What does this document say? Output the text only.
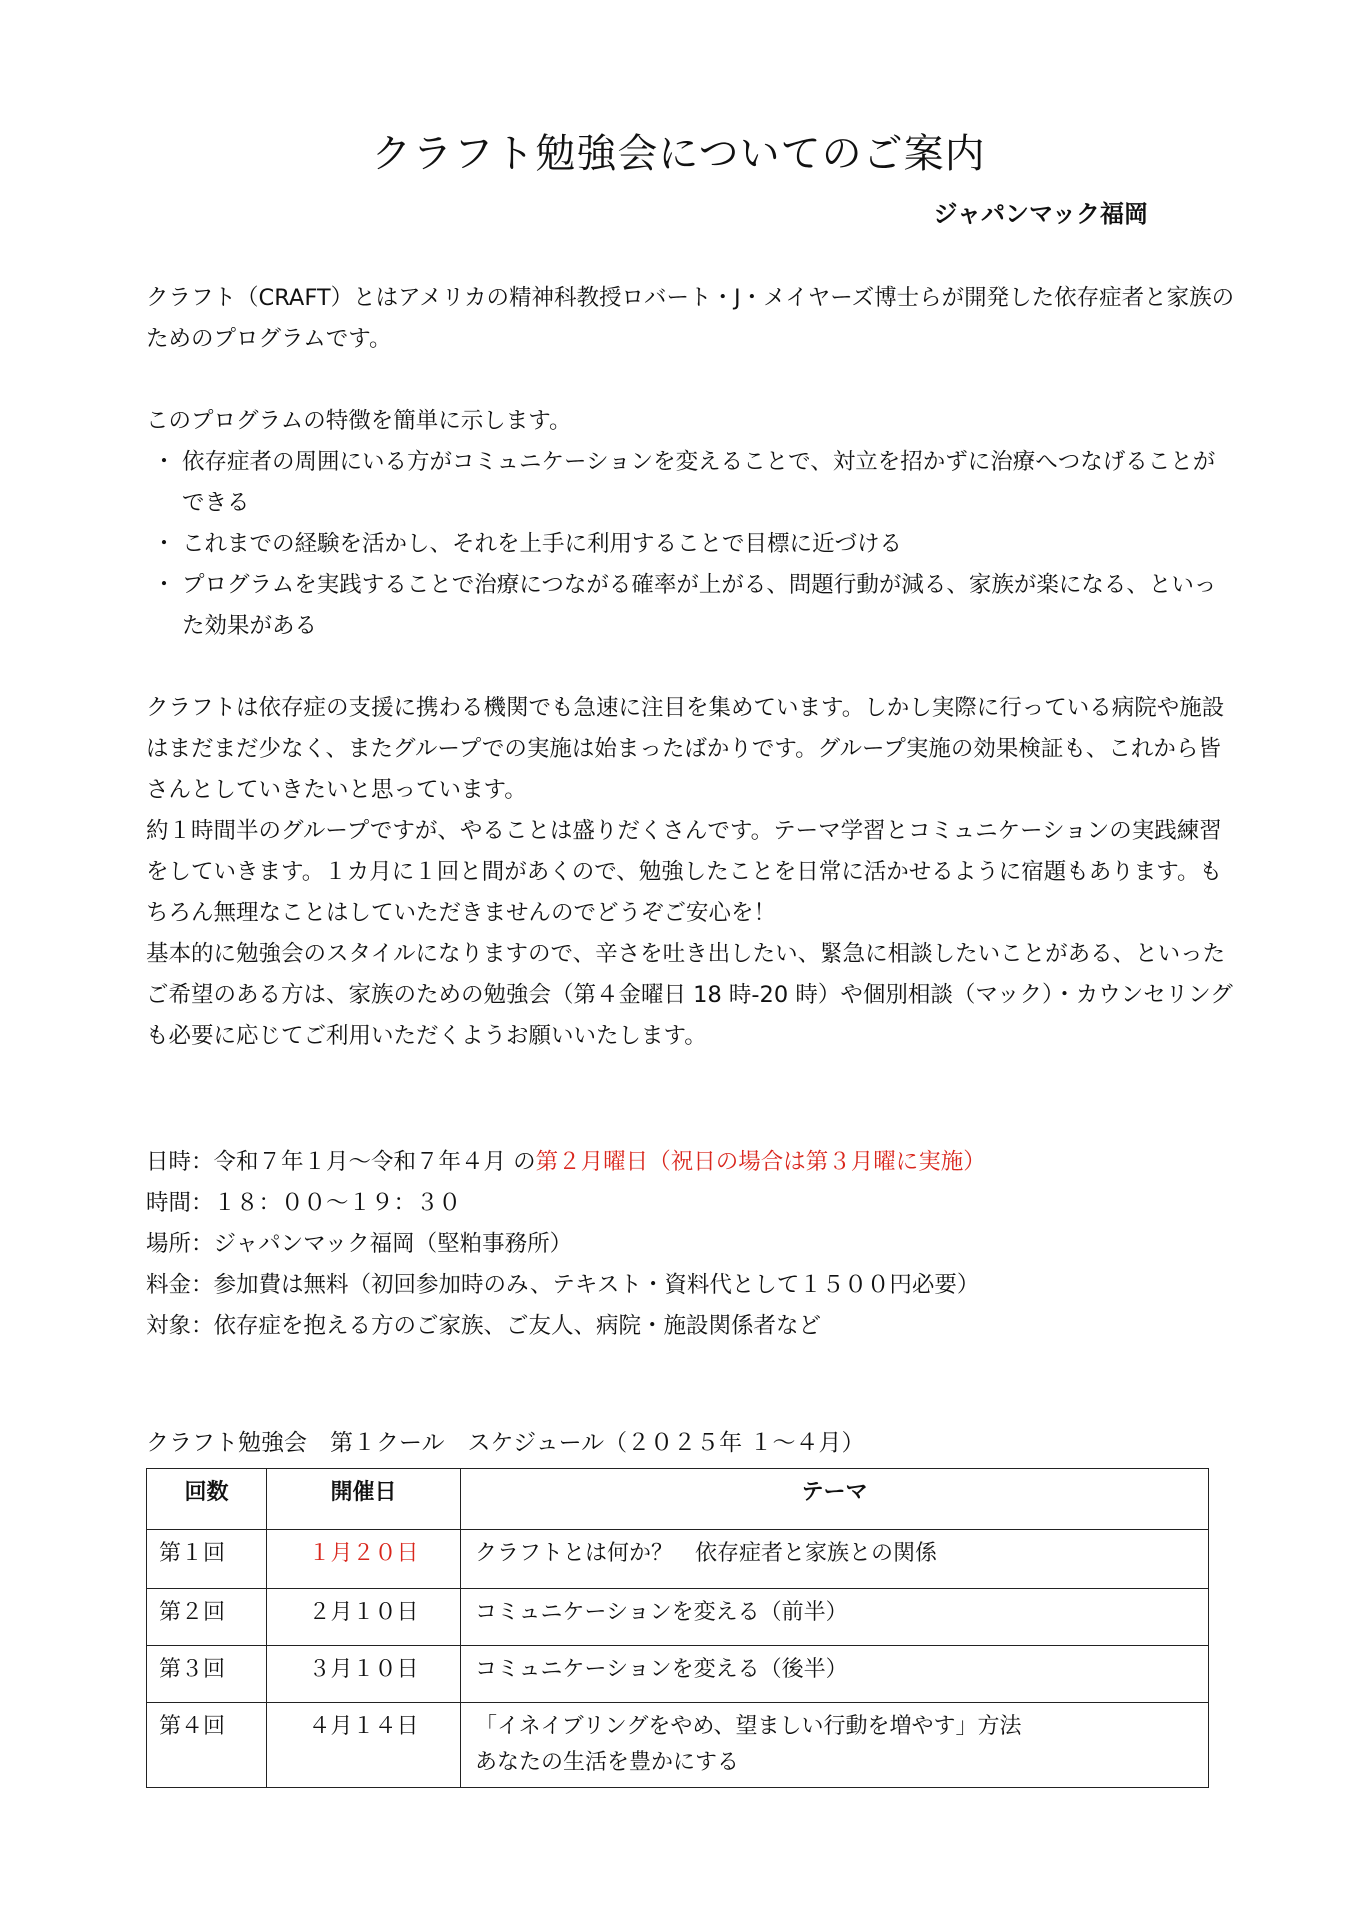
クラフト勉強会についてのご案内
ジャパンマック福岡

クラフト（CRAFT）とはアメリカの精神科教授ロバート・J・メイヤーズ博士らが開発した依存症者と家族のためのプログラムです。

このプログラムの特徴を簡単に示します。

・ 依存症者の周囲にいる方がコミュニケーションを変えることで、対立を招かずに治療へつなげることができる
・ これまでの経験を活かし、それを上手に利用することで目標に近づける
・ プログラムを実践することで治療につながる確率が上がる、問題行動が減る、家族が楽になる、といった効果がある

クラフトは依存症の支援に携わる機関でも急速に注目を集めています。しかし実際に行っている病院や施設はまだまだ少なく、またグループでの実施は始まったばかりです。グループ実施の効果検証も、これから皆さんとしていきたいと思っています。

約１時間半のグループですが、やることは盛りだくさんです。テーマ学習とコミュニケーションの実践練習をしていきます。１カ月に１回と間があくので、勉強したことを日常に活かせるように宿題もあります。もちろん無理なことはしていただきませんのでどうぞご安心を！

基本的に勉強会のスタイルになりますので、辛さを吐き出したい、緊急に相談したいことがある、といったご希望のある方は、家族のための勉強会（第４金曜日 18 時-20 時）や個別相談（マック）・カウンセリングも必要に応じてご利用いただくようお願いいたします。

日時：令和７年１月～令和７年４月 の第２月曜日（祝日の場合は第３月曜に実施）

時間：１８：００～１９：３０

場所：ジャパンマック福岡（堅粕事務所）

料金：参加費は無料（初回参加時のみ、テキスト・資料代として１５００円必要）

対象：依存症を抱える方のご家族、ご友人、病院・施設関係者など

クラフト勉強会　第１クール　スケジュール（２０２５年 １～４月）
回数	開催日	テーマ
第１回	１月２０日	クラフトとは何か？　依存症者と家族との関係

第２回	２月１０日	コミュニケーションを変える（前半）

第３回	３月１０日	コミュニケーションを変える（後半）

第４回	４月１４日	「イネイブリングをやめ、望ましい行動を増やす」方法
あなたの生活を豊かにする
